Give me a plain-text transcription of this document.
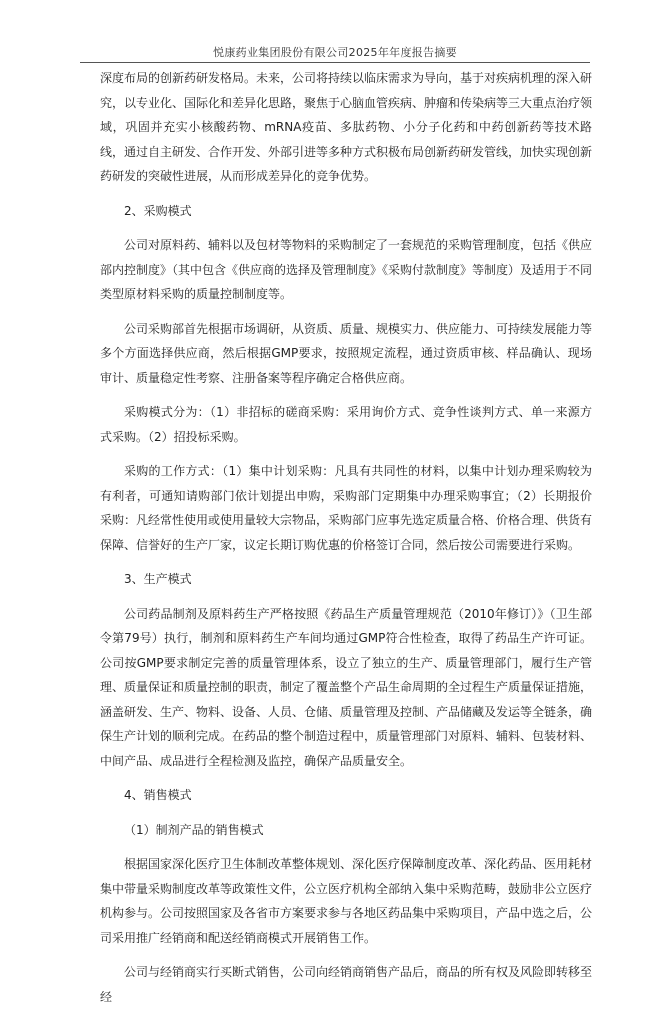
悦康药业集团股份有限公司2025年年度报告摘要

深度布局的创新药研发格局。未来，公司将持续以临床需求为导向，基于对疾病机理的深入研究，以专业化、国际化和差异化思路，聚焦于心脑血管疾病、肿瘤和传染病等三大重点治疗领域，巩固并充实小核酸药物、mRNA疫苗、多肽药物、小分子化药和中药创新药等技术路线，通过自主研发、合作开发、外部引进等多种方式积极布局创新药研发管线，加快实现创新药研发的突破性进展，从而形成差异化的竞争优势。

2、采购模式

公司对原料药、辅料以及包材等物料的采购制定了一套规范的采购管理制度，包括《供应部内控制度》（其中包含《供应商的选择及管理制度》《采购付款制度》等制度）及适用于不同类型原材料采购的质量控制制度等。

公司采购部首先根据市场调研，从资质、质量、规模实力、供应能力、可持续发展能力等多个方面选择供应商，然后根据GMP要求，按照规定流程，通过资质审核、样品确认、现场审计、质量稳定性考察、注册备案等程序确定合格供应商。

采购模式分为：（1）非招标的磋商采购：采用询价方式、竞争性谈判方式、单一来源方式采购。（2）招投标采购。

采购的工作方式：（1）集中计划采购：凡具有共同性的材料，以集中计划办理采购较为有利者，可通知请购部门依计划提出申购，采购部门定期集中办理采购事宜；（2）长期报价采购：凡经常性使用或使用量较大宗物品，采购部门应事先选定质量合格、价格合理、供货有保障、信誉好的生产厂家，议定长期订购优惠的价格签订合同，然后按公司需要进行采购。

3、生产模式

公司药品制剂及原料药生产严格按照《药品生产质量管理规范（2010年修订）》（卫生部令第79号）执行，制剂和原料药生产车间均通过GMP符合性检查，取得了药品生产许可证。公司按GMP要求制定完善的质量管理体系，设立了独立的生产、质量管理部门，履行生产管理、质量保证和质量控制的职责，制定了覆盖整个产品生命周期的全过程生产质量保证措施，涵盖研发、生产、物料、设备、人员、仓储、质量管理及控制、产品储藏及发运等全链条，确保生产计划的顺利完成。在药品的整个制造过程中，质量管理部门对原料、辅料、包装材料、中间产品、成品进行全程检测及监控，确保产品质量安全。

4、销售模式

（1）制剂产品的销售模式

根据国家深化医疗卫生体制改革整体规划、深化医疗保障制度改革、深化药品、医用耗材集中带量采购制度改革等政策性文件，公立医疗机构全部纳入集中采购范畴，鼓励非公立医疗机构参与。公司按照国家及各省市方案要求参与各地区药品集中采购项目，产品中选之后，公司采用推广经销商和配送经销商模式开展销售工作。

公司与经销商实行买断式销售，公司向经销商销售产品后，商品的所有权及风险即转移至经
